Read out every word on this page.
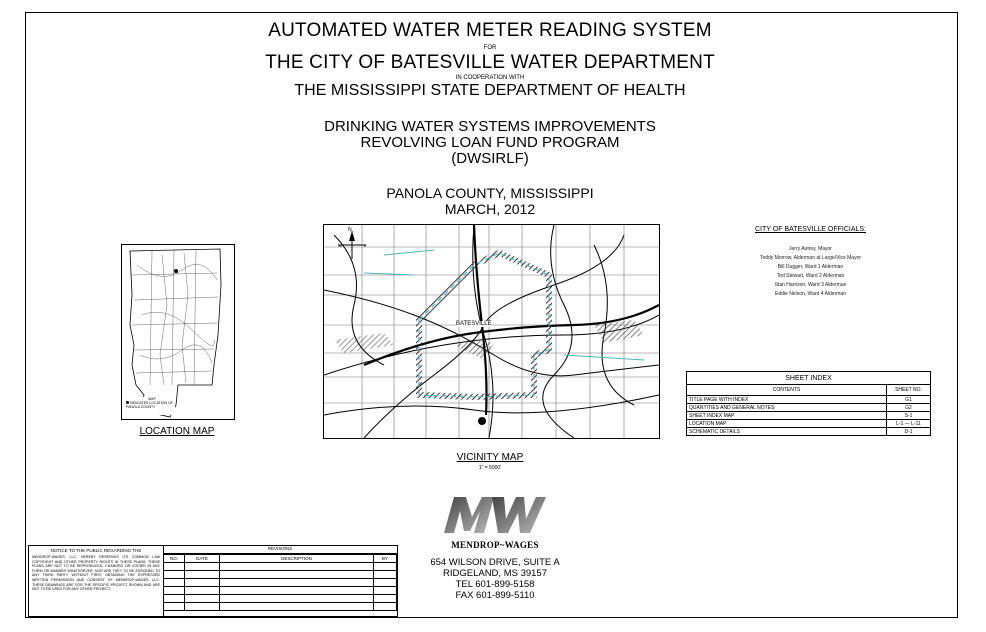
AUTOMATED WATER METER READING SYSTEM
FOR
THE CITY OF BATESVILLE WATER DEPARTMENT
IN COOPERATION WITH
THE MISSISSIPPI STATE DEPARTMENT OF HEALTH
DRINKING WATER SYSTEMS IMPROVEMENTS
REVOLVING LOAN FUND PROGRAM
(DWSIRLF)
PANOLA COUNTY, MISSISSIPPI
MARCH, 2012
CITY OF BATESVILLE OFFICIALS:
Jerry Autrey, Mayor
Teddy Morrow, Alderman at Large/Vice Mayor
Bill Dugger, Ward 1 Alderman
Ted Stewart, Ward 2 Alderman
Stan Harrison, Ward 3 Alderman
Eddie Nelson, Ward 4 Alderman
MAP
INDICATES LOCATION OF PANOLA COUNTY
LOCATION MAP
N
W	E
BATESVILLE
VICINITY MAP
1" = 5000'
SHEET INDEX	
CONTENTS	SHEET NO.
TITLE PAGE WITH INDEX	G1
QUANTITIES AND GENERAL NOTES	G2
SHEET INDEX MAP	S-1
LOCATION MAP	L-1 — L-11
SCHEMATIC DETAILS	D-1
NOTICE TO THE PUBLIC REGARDING THE
MENDROP-WAGES, LLC, HEREBY RESERVES ITS COMMON LAW COPYRIGHT AND OTHER PROPERTY RIGHTS IN THESE PLANS. THESE PLANS ARE NOT TO BE REPRODUCED, CHANGED OR COPIED IN ANY FORM OR MANNER WHATSOEVER, NOR ARE THEY TO BE ASSIGNED TO ANY THIRD PARTY WITHOUT FIRST OBTAINING THE EXPRESSED WRITTEN PERMISSION AND CONSENT OF MENDROP-WAGES, LLC. THESE DRAWINGS ARE FOR THE SPECIFIC PROJECT SHOWN AND ARE NOT TO BE USED FOR ANY OTHER PROJECT.
REVISIONS
NO.	DATE	DESCRIPTION	BY

MENDROP~WAGES
654 WILSON DRIVE, SUITE A
RIDGELAND, MS 39157
TEL 601-899-5158
FAX 601-899-5110
